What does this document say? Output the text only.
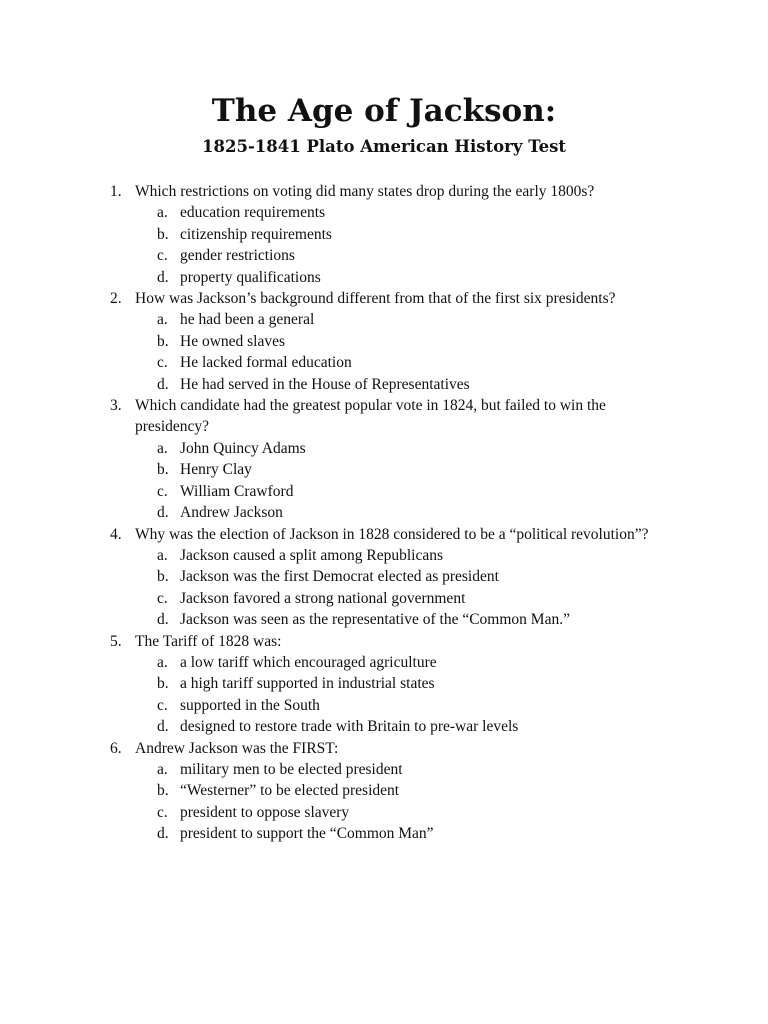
The Age of Jackson:
1825-1841 Plato American History Test
1. Which restrictions on voting did many states drop during the early 1800s?
a. education requirements
b. citizenship requirements
c. gender restrictions
d. property qualifications
2. How was Jackson’s background different from that of the first six presidents?
a. he had been a general
b. He owned slaves
c. He lacked formal education
d. He had served in the House of Representatives
3. Which candidate had the greatest popular vote in 1824, but failed to win the presidency?
a. John Quincy Adams
b. Henry Clay
c. William Crawford
d. Andrew Jackson
4. Why was the election of Jackson in 1828 considered to be a “political revolution”?
a. Jackson caused a split among Republicans
b. Jackson was the first Democrat elected as president
c. Jackson favored a strong national government
d. Jackson was seen as the representative of the “Common Man.”
5. The Tariff of 1828 was:
a. a low tariff which encouraged agriculture
b. a high tariff supported in industrial states
c. supported in the South
d. designed to restore trade with Britain to pre-war levels
6. Andrew Jackson was the FIRST:
a. military men to be elected president
b. “Westerner” to be elected president
c. president to oppose slavery
d. president to support the “Common Man”
